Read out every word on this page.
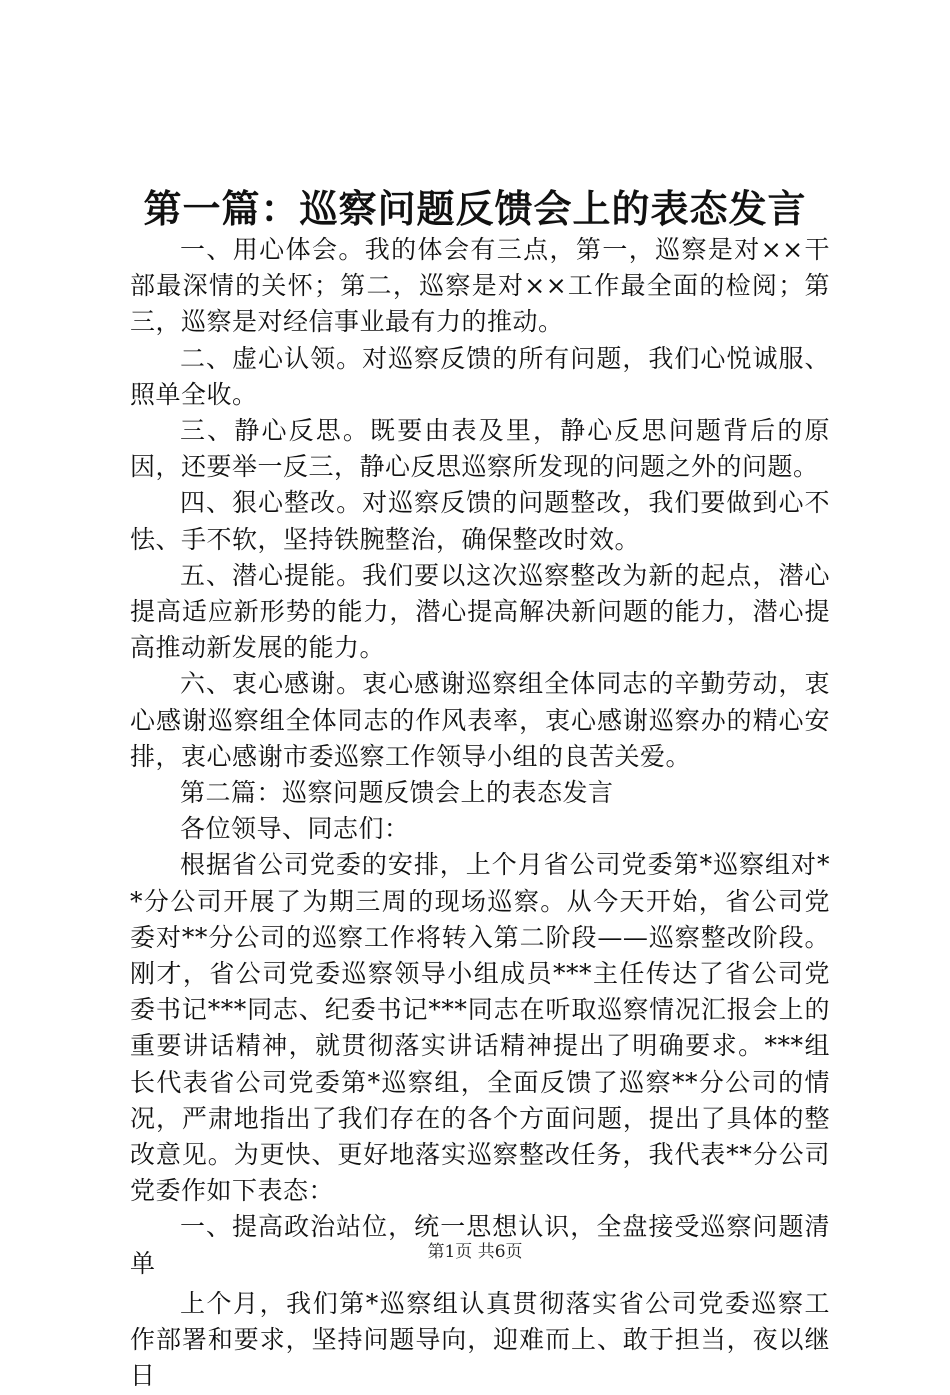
第一篇：巡察问题反馈会上的表态发言

一、用心体会。我的体会有三点，第一，巡察是对××干部最深情的关怀；第二，巡察是对××工作最全面的检阅；第三，巡察是对经信事业最有力的推动。

二、虚心认领。对巡察反馈的所有问题，我们心悦诚服、照单全收。

三、静心反思。既要由表及里，静心反思问题背后的原因，还要举一反三，静心反思巡察所发现的问题之外的问题。

四、狠心整改。对巡察反馈的问题整改，我们要做到心不怯、手不软，坚持铁腕整治，确保整改时效。

五、潜心提能。我们要以这次巡察整改为新的起点，潜心提高适应新形势的能力，潜心提高解决新问题的能力，潜心提高推动新发展的能力。

六、衷心感谢。衷心感谢巡察组全体同志的辛勤劳动，衷心感谢巡察组全体同志的作风表率，衷心感谢巡察办的精心安排，衷心感谢市委巡察工作领导小组的良苦关爱。

第二篇：巡察问题反馈会上的表态发言

各位领导、同志们：

根据省公司党委的安排，上个月省公司党委第*巡察组对**分公司开展了为期三周的现场巡察。从今天开始，省公司党委对**分公司的巡察工作将转入第二阶段——巡察整改阶段。刚才，省公司党委巡察领导小组成员***主任传达了省公司党委书记***同志、纪委书记***同志在听取巡察情况汇报会上的重要讲话精神，就贯彻落实讲话精神提出了明确要求。***组长代表省公司党委第*巡察组，全面反馈了巡察**分公司的情况，严肃地指出了我们存在的各个方面问题，提出了具体的整改意见。为更快、更好地落实巡察整改任务，我代表**分公司党委作如下表态：

一、提高政治站位，统一思想认识，全盘接受巡察问题清单

上个月，我们第*巡察组认真贯彻落实省公司党委巡察工作部署和要求，坚持问题导向，迎难而上、敢于担当，夜以继日

第1页 共6页
